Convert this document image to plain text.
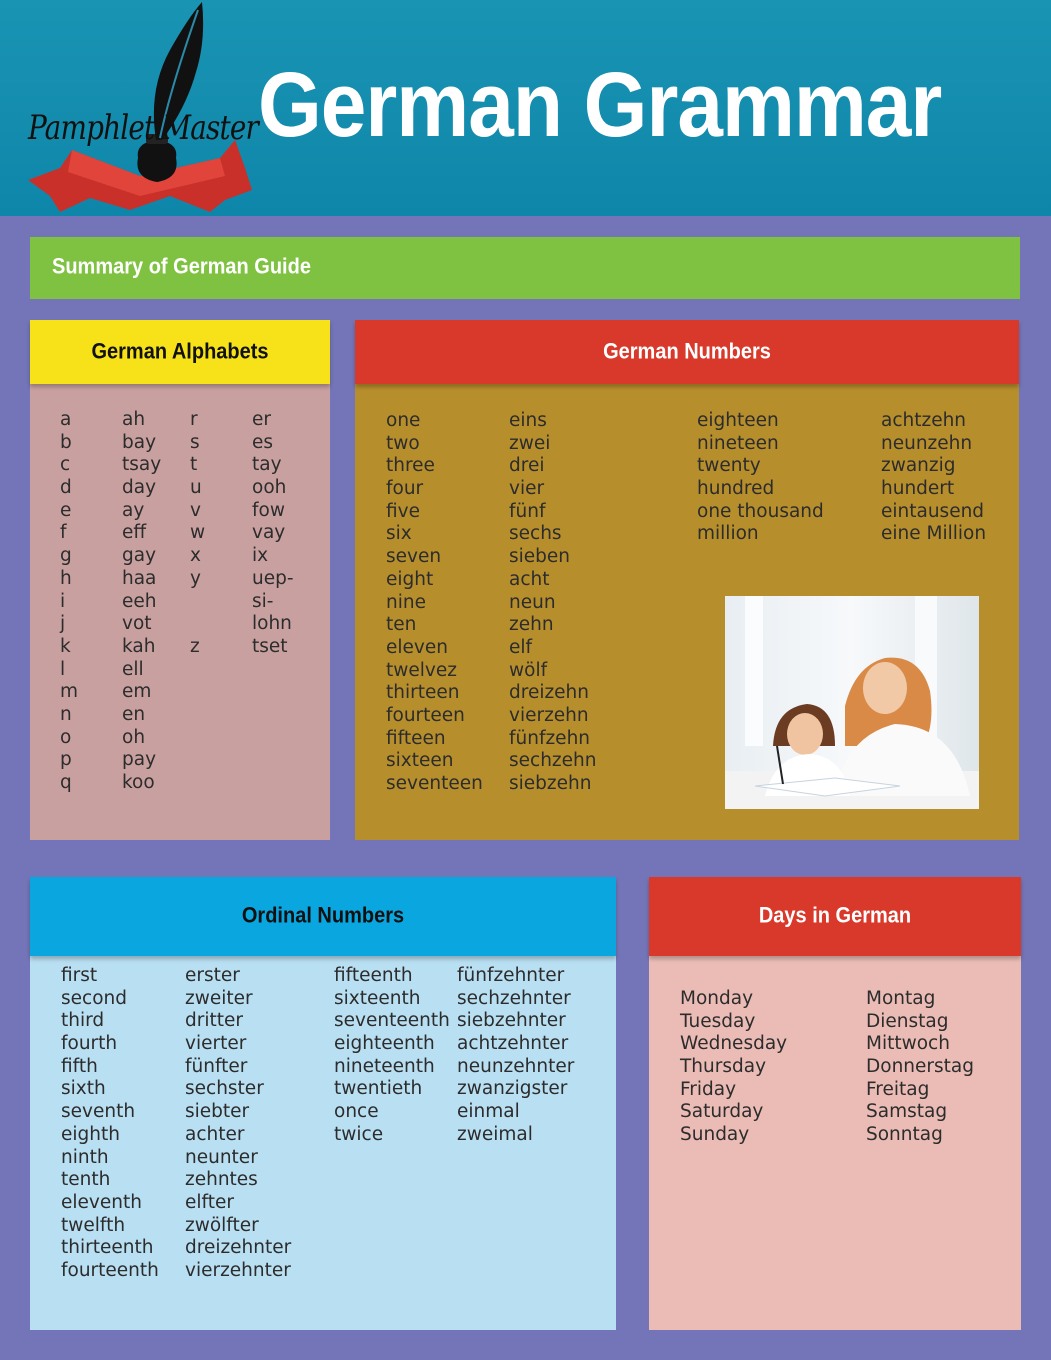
Pamphlet Master German Grammar
Summary of German Guide
German Alphabets
a
b
c
d
e
f
g
h
i
j
k
l
m
n
o
p
q
ah
bay
tsay
day
ay
eff
gay
haa
eeh
vot
kah
ell
em
en
oh
pay
koo
r
s
t
u
v
w
x
y
z
er
es
tay
ooh
fow
vay
ix
uep-
si-
lohn
tset
German Numbers
one
two
three
four
five
six
seven
eight
nine
ten
eleven
twelvez
thirteen
fourteen
fifteen
sixteen
seventeen
eins
zwei
drei
vier
fünf
sechs
sieben
acht
neun
zehn
elf
wölf
dreizehn
vierzehn
fünfzehn
sechzehn
siebzehn
eighteen
nineteen
twenty
hundred
one thousand
million
achtzehn
neunzehn
zwanzig
hundert
eintausend
eine Million
Ordinal Numbers
first
second
third
fourth
fifth
sixth
seventh
eighth
ninth
tenth
eleventh
twelfth
thirteenth
fourteenth
erster
zweiter
dritter
vierter
fünfter
sechster
siebter
achter
neunter
zehntes
elfter
zwölfter
dreizehnter
vierzehnter
fifteenth
sixteenth
seventeenth
eighteenth
nineteenth
twentieth
once
twice
fünfzehnter
sechzehnter
siebzehnter
achtzehnter
neunzehnter
zwanzigster
einmal
zweimal
Days in German
Monday
Tuesday
Wednesday
Thursday
Friday
Saturday
Sunday
Montag
Dienstag
Mittwoch
Donnerstag
Freitag
Samstag
Sonntag
